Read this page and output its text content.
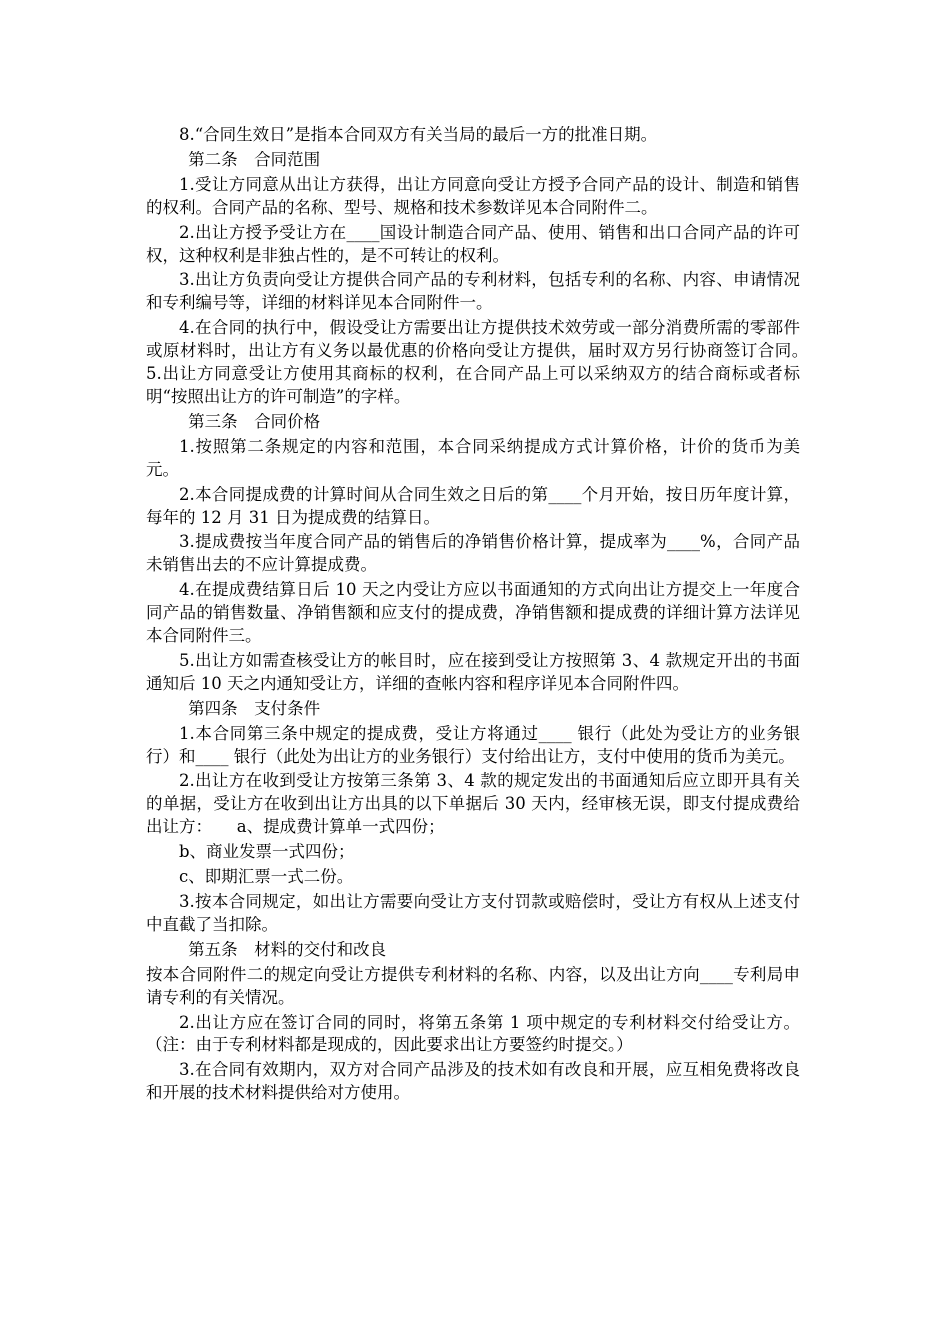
8.“合同生效日”是指本合同双方有关当局的最后一方的批准日期。

第二条　合同范围

1.受让方同意从出让方获得，出让方同意向受让方授予合同产品的设计、制造和销售的权利。合同产品的名称、型号、规格和技术参数详见本合同附件二。

2.出让方授予受让方在____国设计制造合同产品、使用、销售和出口合同产品的许可权，这种权利是非独占性的，是不可转让的权利。

3.出让方负责向受让方提供合同产品的专利材料，包括专利的名称、内容、申请情况和专利编号等，详细的材料详见本合同附件一。

4.在合同的执行中，假设受让方需要出让方提供技术效劳或一部分消费所需的零部件或原材料时，出让方有义务以最优惠的价格向受让方提供，届时双方另行协商签订合同。　　5.出让方同意受让方使用其商标的权利，在合同产品上可以采纳双方的结合商标或者标明“按照出让方的许可制造”的字样。

第三条　合同价格

1.按照第二条规定的内容和范围，本合同采纳提成方式计算价格，计价的货币为美元。

2.本合同提成费的计算时间从合同生效之日后的第____个月开始，按日历年度计算，每年的 12 月 31 日为提成费的结算日。

3.提成费按当年度合同产品的销售后的净销售价格计算，提成率为____%，合同产品未销售出去的不应计算提成费。

4.在提成费结算日后 10 天之内受让方应以书面通知的方式向出让方提交上一年度合同产品的销售数量、净销售额和应支付的提成费，净销售额和提成费的详细计算方法详见本合同附件三。

5.出让方如需查核受让方的帐目时，应在接到受让方按照第 3、4 款规定开出的书面通知后 10 天之内通知受让方，详细的查帐内容和程序详见本合同附件四。

第四条　支付条件

1.本合同第三条中规定的提成费，受让方将通过____ 银行（此处为受让方的业务银行）和____ 银行（此处为出让方的业务银行）支付给出让方，支付中使用的货币为美元。

2.出让方在收到受让方按第三条第 3、4 款的规定发出的书面通知后应立即开具有关的单据，受让方在收到出让方出具的以下单据后 30 天内，经审核无误，即支付提成费给出让方：　　a、提成费计算单一式四份；

b、商业发票一式四份；

c、即期汇票一式二份。

3.按本合同规定，如出让方需要向受让方支付罚款或赔偿时，受让方有权从上述支付中直截了当扣除。

第五条　材料的交付和改良

按本合同附件二的规定向受让方提供专利材料的名称、内容，以及出让方向____专利局申请专利的有关情况。

2.出让方应在签订合同的同时，将第五条第 1 项中规定的专利材料交付给受让方。（注：由于专利材料都是现成的，因此要求出让方要签约时提交。）

3.在合同有效期内，双方对合同产品涉及的技术如有改良和开展，应互相免费将改良和开展的技术材料提供给对方使用。
